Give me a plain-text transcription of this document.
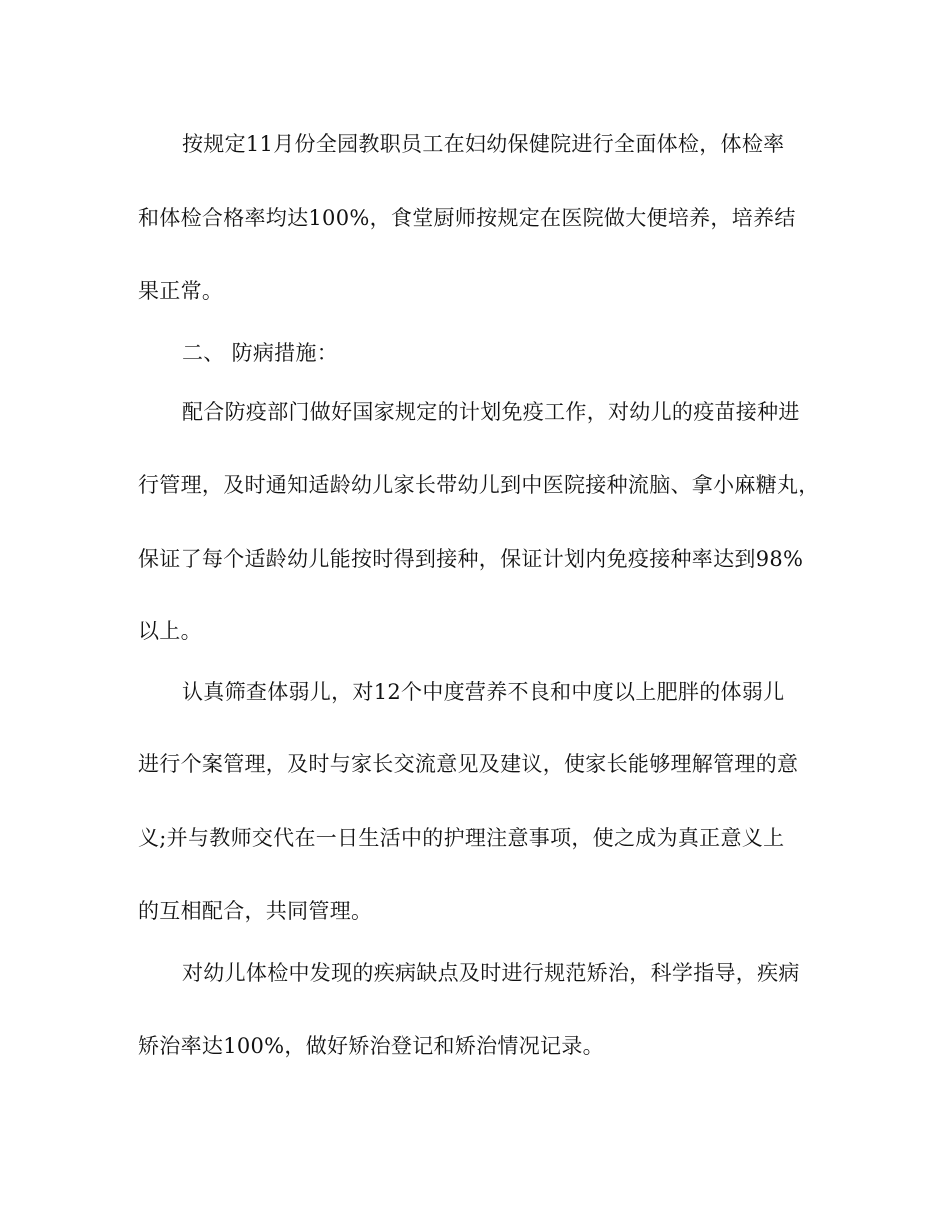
按规定11月份全园教职员工在妇幼保健院进行全面体检，体检率
和体检合格率均达100%，食堂厨师按规定在医院做大便培养，培养结
果正常。
二、 防病措施：
配合防疫部门做好国家规定的计划免疫工作，对幼儿的疫苗接种进
行管理，及时通知适龄幼儿家长带幼儿到中医院接种流脑、拿小麻糖丸，
保证了每个适龄幼儿能按时得到接种，保证计划内免疫接种率达到98%
以上。
认真筛查体弱儿，对12个中度营养不良和中度以上肥胖的体弱儿
进行个案管理，及时与家长交流意见及建议，使家长能够理解管理的意
义;并与教师交代在一日生活中的护理注意事项，使之成为真正意义上
的互相配合，共同管理。
对幼儿体检中发现的疾病缺点及时进行规范矫治，科学指导，疾病
矫治率达100%，做好矫治登记和矫治情况记录。
